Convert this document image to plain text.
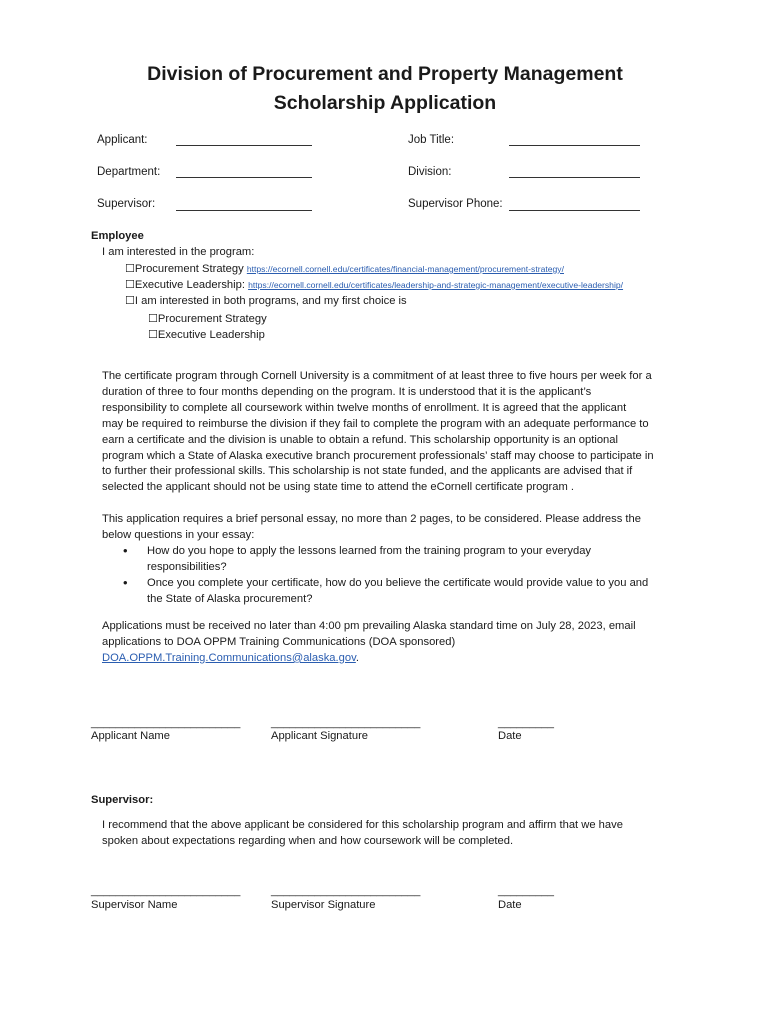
Division of Procurement and Property Management
Scholarship Application
Applicant:	Job Title:
Department:	Division:
Supervisor:	Supervisor Phone:
Employee
I am interested in the program:
☐Procurement Strategy https://ecornell.cornell.edu/certificates/financial-management/procurement-strategy/
☐Executive Leadership: https://ecornell.cornell.edu/certificates/leadership-and-strategic-management/executive-leadership/
☐I am interested in both programs, and my first choice is
☐Procurement Strategy
☐Executive Leadership

The certificate program through Cornell University is a commitment of at least three to five hours per week for a

duration of three to four months depending on the program. It is understood that it is the applicant’s

responsibility to complete all coursework within twelve months of enrollment. It is agreed that the applicant

may be required to reimburse the division if they fail to complete the program with an adequate performance to

earn a certificate and the division is unable to obtain a refund. This scholarship opportunity is an optional

program which a State of Alaska executive branch procurement professionals’ staff may choose to participate in

to further their professional skills. This scholarship is not state funded, and the applicants are advised that if

selected the applicant should not be using state time to attend the eCornell certificate program .

This application requires a brief personal essay, no more than 2 pages, to be considered. Please address the

below questions in your essay:

• How do you hope to apply the lessons learned from the training program to your everyday

responsibilities?

• Once you complete your certificate, how do you believe the certificate would provide value to you and

the State of Alaska procurement?

Applications must be received no later than 4:00 pm prevailing Alaska standard time on July 28, 2023, email

applications to DOA OPPM Training Communications (DOA sponsored)

DOA.OPPM.Training.Communications@alaska.gov.

________________________	________________________	_________
Applicant Name	Applicant Signature	Date
Supervisor:

I recommend that the above applicant be considered for this scholarship program and affirm that we have

spoken about expectations regarding when and how coursework will be completed.

________________________	________________________	_________
Supervisor Name	Supervisor Signature	Date
